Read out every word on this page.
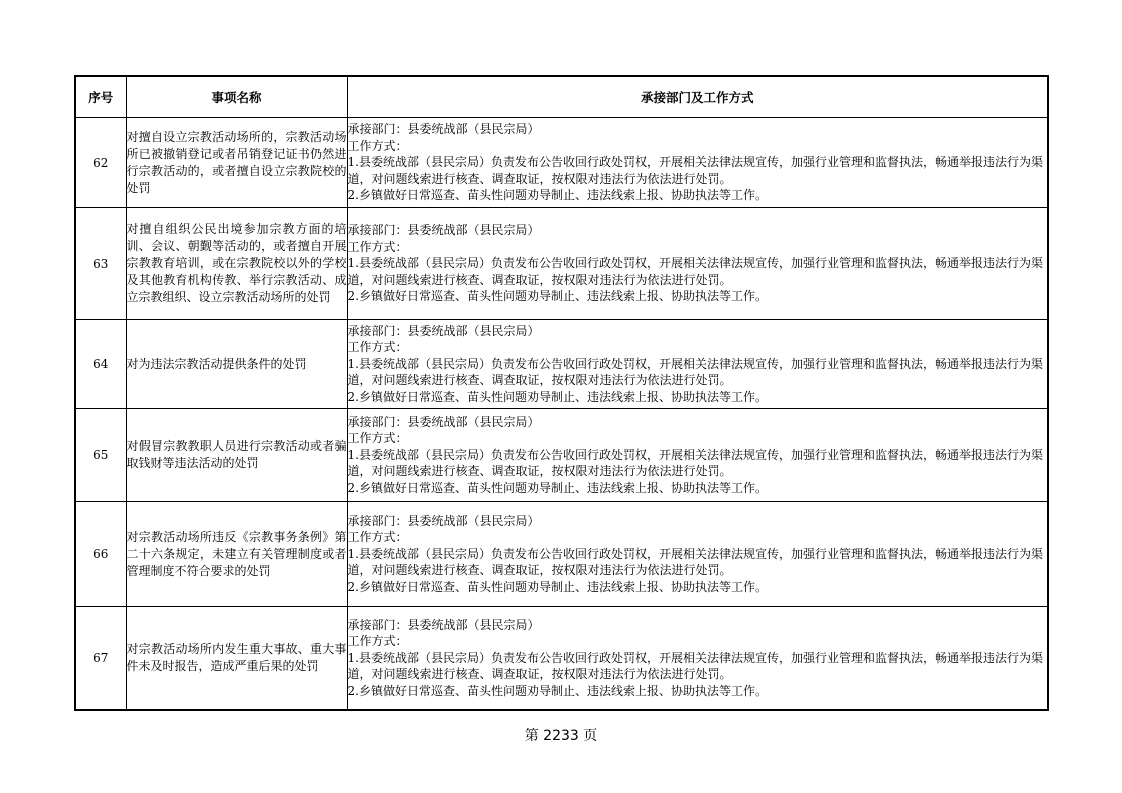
序号	事项名称	承接部门及工作方式
62	对擅自设立宗教活动场所的，宗教活动场所已被撤销登记或者吊销登记证书仍然进行宗教活动的，或者擅自设立宗教院校的处罚	承接部门：县委统战部（县民宗局）
工作方式：
1.县委统战部（县民宗局）负责发布公告收回行政处罚权，开展相关法律法规宣传，加强行业管理和监督执法，畅通举报违法行为渠道，对问题线索进行核查、调查取证，按权限对违法行为依法进行处罚。
2.乡镇做好日常巡查、苗头性问题劝导制止、违法线索上报、协助执法等工作。

63	对擅自组织公民出境参加宗教方面的培训、会议、朝觐等活动的，或者擅自开展宗教教育培训，或在宗教院校以外的学校及其他教育机构传教、举行宗教活动、成立宗教组织、设立宗教活动场所的处罚	承接部门：县委统战部（县民宗局）
工作方式：
1.县委统战部（县民宗局）负责发布公告收回行政处罚权，开展相关法律法规宣传，加强行业管理和监督执法，畅通举报违法行为渠道，对问题线索进行核查、调查取证，按权限对违法行为依法进行处罚。
2.乡镇做好日常巡查、苗头性问题劝导制止、违法线索上报、协助执法等工作。

64	对为违法宗教活动提供条件的处罚	承接部门：县委统战部（县民宗局）
工作方式：
1.县委统战部（县民宗局）负责发布公告收回行政处罚权，开展相关法律法规宣传，加强行业管理和监督执法，畅通举报违法行为渠道，对问题线索进行核查、调查取证，按权限对违法行为依法进行处罚。
2.乡镇做好日常巡查、苗头性问题劝导制止、违法线索上报、协助执法等工作。

65	对假冒宗教教职人员进行宗教活动或者骗取钱财等违法活动的处罚	承接部门：县委统战部（县民宗局）
工作方式：
1.县委统战部（县民宗局）负责发布公告收回行政处罚权，开展相关法律法规宣传，加强行业管理和监督执法，畅通举报违法行为渠道，对问题线索进行核查、调查取证，按权限对违法行为依法进行处罚。
2.乡镇做好日常巡查、苗头性问题劝导制止、违法线索上报、协助执法等工作。

66	对宗教活动场所违反《宗教事务条例》第二十六条规定，未建立有关管理制度或者管理制度不符合要求的处罚	承接部门：县委统战部（县民宗局）
工作方式：
1.县委统战部（县民宗局）负责发布公告收回行政处罚权，开展相关法律法规宣传，加强行业管理和监督执法，畅通举报违法行为渠道，对问题线索进行核查、调查取证，按权限对违法行为依法进行处罚。
2.乡镇做好日常巡查、苗头性问题劝导制止、违法线索上报、协助执法等工作。

67	对宗教活动场所内发生重大事故、重大事件未及时报告，造成严重后果的处罚	承接部门：县委统战部（县民宗局）
工作方式：
1.县委统战部（县民宗局）负责发布公告收回行政处罚权，开展相关法律法规宣传，加强行业管理和监督执法，畅通举报违法行为渠道，对问题线索进行核查、调查取证，按权限对违法行为依法进行处罚。
2.乡镇做好日常巡查、苗头性问题劝导制止、违法线索上报、协助执法等工作。
第 2233 页
